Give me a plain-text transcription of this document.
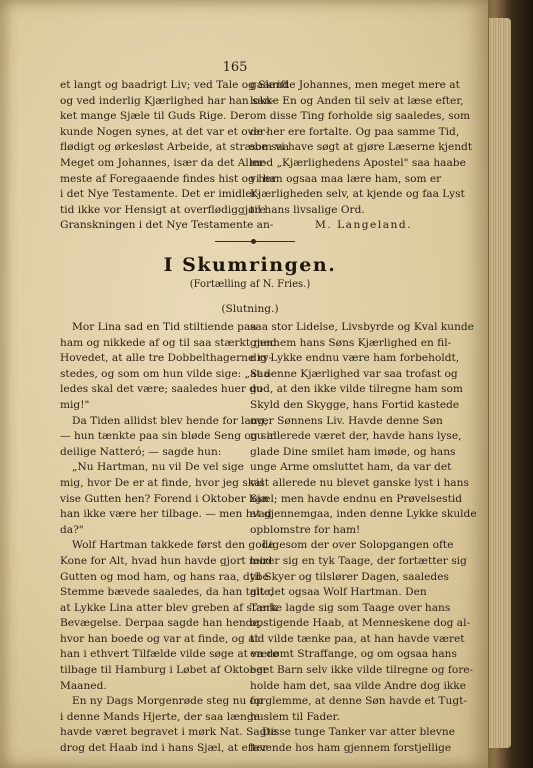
165
et langt og baadrigt Liv; ved Tale og Skrift
og ved inderlig Kjærlighed har han san-
ket mange Sjæle til Guds Rige. Der
kunde Nogen synes, at det var et over-
flødigt og ørkesløst Arbeide, at stræbe saa
Meget om Johannes, især da det Aller-
meste af Foregaaende findes hist og her
i det Nye Testamente. Det er imidler-
tid ikke vor Hensigt at overflødiggjøre
Granskningen i det Nye Testamente an-
gaaende Johannes, men meget mere at
lokke En og Anden til selv at læse efter,
om disse Ting forholde sig saaledes, som
de her ere fortalte. Og paa samme Tid,
som vi have søgt at gjøre Læserne kjendt
med „Kjærlighedens Apostel" saa haabe
vi han ogsaa maa lære ham, som er
Kjærligheden selv, at kjende og faa Lyst
til hans livsalige Ord.
M. Langeland.
I Skumringen.
(Fortælling af N. Fries.)
(Slutning.)
Mor Lina sad en Tid stiltiende paa
ham og nikkede af og til saa stærkt med
Hovedet, at alle tre Dobbelthagerne ry-
stedes, og som om hun vilde sige: „Saa-
ledes skal det være; saaledes huer du
mig!"
Da Tiden allidst blev hende for lang,
— hun tænkte paa sin bløde Seng og sin
deilige Natteró; — sagde hun:
„Nu Hartman, nu vil De vel sige
mig, hvor De er at finde, hvor jeg skal
vise Gutten hen? Forend i Oktober kan
han ikke være her tilbage. — men hvad
da?"
Wolf Hartman takkede først den gode
Kone for Alt, hvad hun havde gjort mod
Gutten og mod ham, og hans raa, dybe
Stemme bævede saaledes, da han talte,
at Lykke Lina atter blev greben af stærk
Bevægelse. Derpaa sagde han hende,
hvor han boede og var at finde, og at
han i ethvert Tilfælde vilde søge at være
tilbage til Hamburg i Løbet af Oktober
Maaned.
En ny Dags Morgenrøde steg nu op
i denne Mands Hjerte, der saa længe
havde været begravet i mørk Nat. Sagte
drog det Haab ind i hans Sjæl, at efter
saa stor Lidelse, Livsbyrde og Kval kunde
gjennem hans Søns Kjærlighed en fil-
dig Lykke endnu være ham forbeholdt,
at denne Kjærlighed var saa trofast og
god, at den ikke vilde tilregne ham som
Skyld den Skygge, hans Fortid kastede
over Sønnens Liv. Havde denne Søn
nu allerede været der, havde hans lyse,
glade Dine smilet ham imøde, og hans
unge Arme omsluttet ham, da var det
vist allerede nu blevet ganske lyst i hans
Sjæl; men havde endnu en Prøvelsestid
at gjennemgaa, inden denne Lykke skulde
opblomstre for ham!
Ligesom der over Solopgangen ofte
leirer sig en tyk Taage, der fortætter sig
til Skyer og tilslører Dagen, saaledes
git det ogsaa Wolf Hartman. Den
Tanke lagde sig som Taage over hans
opstigende Haab, at Menneskene dog al-
tid vilde tænke paa, at han havde været
en dømt Straffange, og om ogsaa hans
eget Barn selv ikke vilde tilregne og fore-
holde ham det, saa vilde Andre dog ikke
forglemme, at denne Søn havde et Tugt-
huslem til Fader.
Disse tunge Tanker var atter blevne
levende hos ham gjennem forstjellige
